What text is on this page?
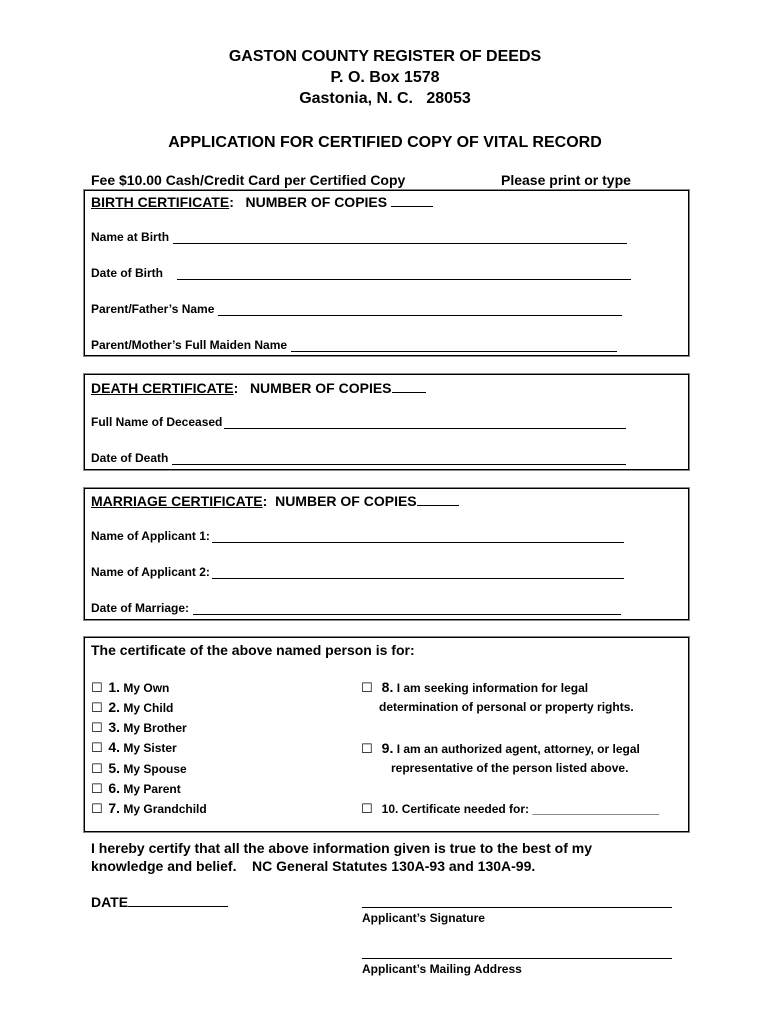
GASTON COUNTY REGISTER OF DEEDS
P. O. Box 1578
Gastonia, N. C.   28053
APPLICATION FOR CERTIFIED COPY OF VITAL RECORD
Fee $10.00 Cash/Credit Card per Certified Copy	Please print or type
BIRTH CERTIFICATE: NUMBER OF COPIES
Name at Birth
Date of Birth
Parent/Father’s Name
Parent/Mother’s Full Maiden Name
DEATH CERTIFICATE: NUMBER OF COPIES
Full Name of Deceased
Date of Death
MARRIAGE CERTIFICATE: NUMBER OF COPIES
Name of Applicant 1:
Name of Applicant 2:
Date of Marriage:
The certificate of the above named person is for:
☐ 1. My Own
☐ 2. My Child
☐ 3. My Brother
☐ 4. My Sister
☐ 5. My Spouse
☐ 6. My Parent
☐ 7. My Grandchild
☐ 8. I am seeking information for legal
determination of personal or property rights.
☐ 9. I am an authorized agent, attorney, or legal
representative of the person listed above.
☐ 10. Certificate needed for: ___________________
I hereby certify that all the above information given is true to the best of my
knowledge and belief.    NC General Statutes 130A-93 and 130A-99.
DATE
Applicant’s Signature
Applicant’s Mailing Address
